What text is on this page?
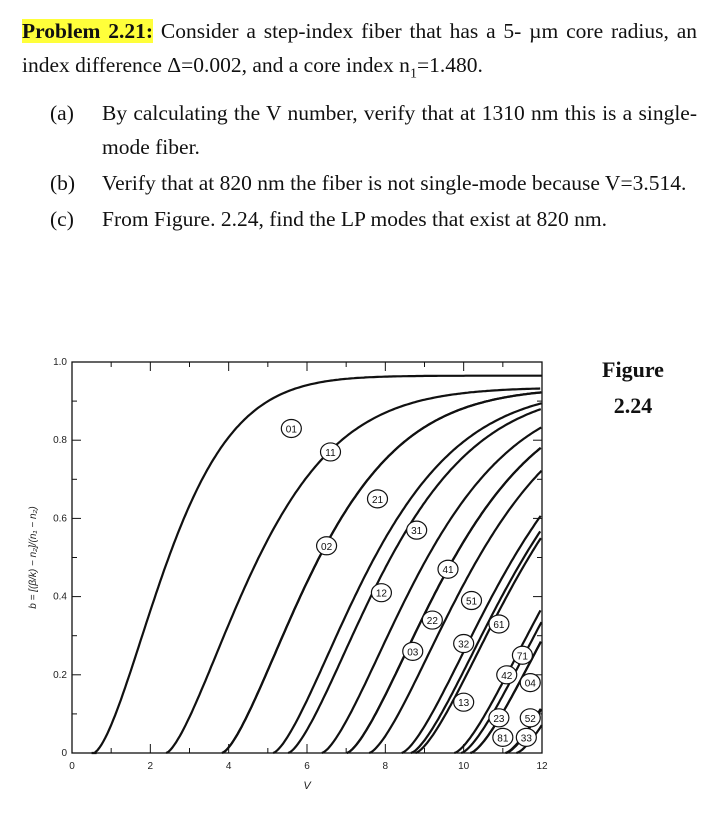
Problem 2.21: Consider a step-index fiber that has a 5- µm core radius, an index difference Δ=0.002, and a core index $n_1=1.480$.
(a)	By calculating the V number, verify that at 1310 nm this is a single-mode fiber.
(b)	Verify that at 820 nm the fiber is not single-mode because V=3.514.
(c)	From Figure. 2.24, find the LP modes that exist at 820 nm.
Figure
2.24
0	2	4	6	8	10	12
0
0.2
0.4
0.6
0.8
1.0
V
b = [(β/k) − n₂]/(n₁ − n₂)
01
11
21
02
31
12
41
22
03
51
32
61
13
71
42
04
23 52
81 33
